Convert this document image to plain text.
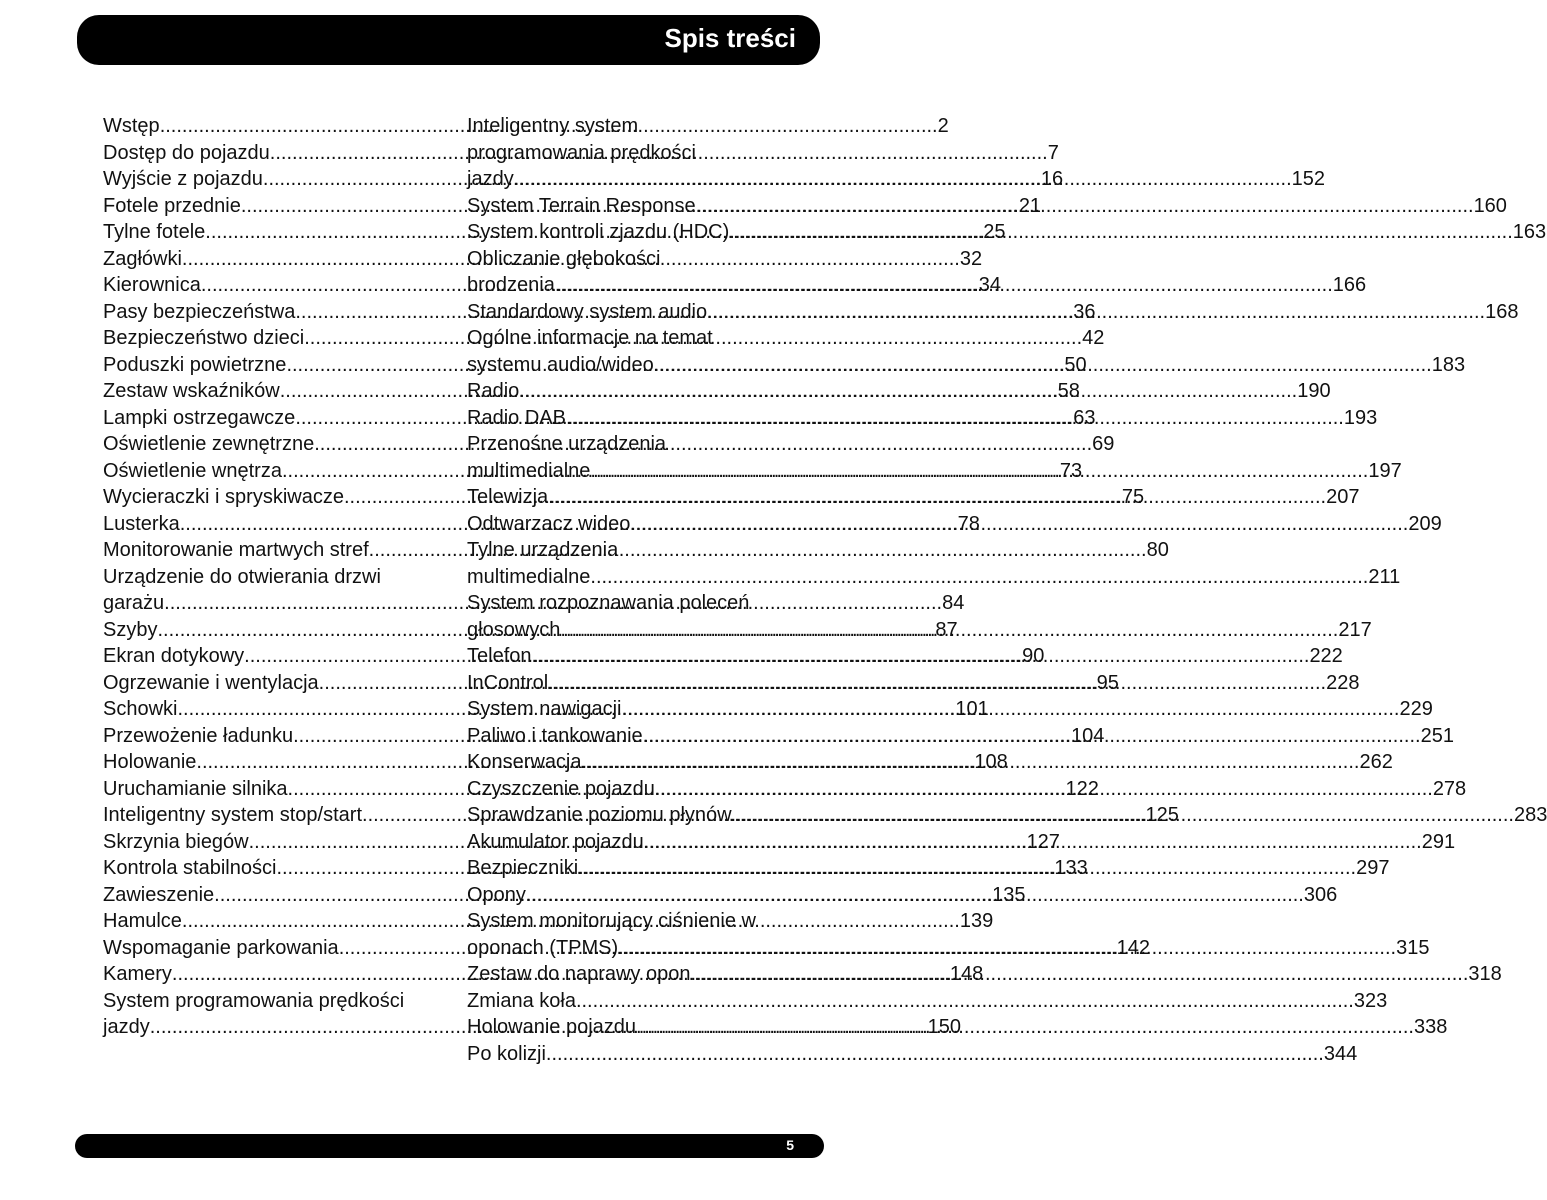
Spis treści
Wstęp .....	2
Dostęp do pojazdu .....	7
Wyjście z pojazdu .....	16
Fotele przednie .....	21
Tylne fotele .....	25
Zagłówki .....	32
Kierownica .....	34
Pasy bezpieczeństwa .....	36
Bezpieczeństwo dzieci .....	42
Poduszki powietrzne .....	50
Zestaw wskaźników .....	58
Lampki ostrzegawcze .....	63
Oświetlenie zewnętrzne .....	69
Oświetlenie wnętrza .....	73
Wycieraczki i spryskiwacze .....	75
Lusterka .....	78
Monitorowanie martwych stref .....	80
Urządzenie do otwierania drzwi
garażu .....	84
Szyby .....	87
Ekran dotykowy .....	90
Ogrzewanie i wentylacja .....	95
Schowki .....	101
Przewożenie ładunku .....	104
Holowanie .....	108
Uruchamianie silnika .....	122
Inteligentny system stop/start. .....	125
Skrzynia biegów .....	127
Kontrola stabilności .....	133
Zawieszenie .....	135
Hamulce .....	139
Wspomaganie parkowania .....	142
Kamery .....	148
System programowania prędkości
jazdy .....	150
Inteligentny system
programowania prędkości
jazdy .....	152
System Terrain Response .....	160
System kontroli zjazdu (HDC). .....	163
Obliczanie głębokości
brodzenia .....	166
Standardowy system audio .....	168
Ogólne informacje na temat
systemu audio/wideo .....	183
Radio .....	190
Radio DAB .....	193
Przenośne urządzenia
multimedialne .....	197
Telewizja .....	207
Odtwarzacz wideo .....	209
Tylne urządzenia
multimedialne .....	211
System rozpoznawania poleceń
głosowych .....	217
Telefon .....	222
InControl .....	228
System nawigacji .....	229
Paliwo i tankowanie .....	251
Konserwacja .....	262
Czyszczenie pojazdu .....	278
Sprawdzanie poziomu płynów. .....	283
Akumulator pojazdu .....	291
Bezpieczniki .....	297
Opony .....	306
System monitorujący ciśnienie w
oponach (TPMS) .....	315
Zestaw do naprawy opon .....	318
Zmiana koła .....	323
Holowanie pojazdu .....	338
Po kolizji .....	344
5
